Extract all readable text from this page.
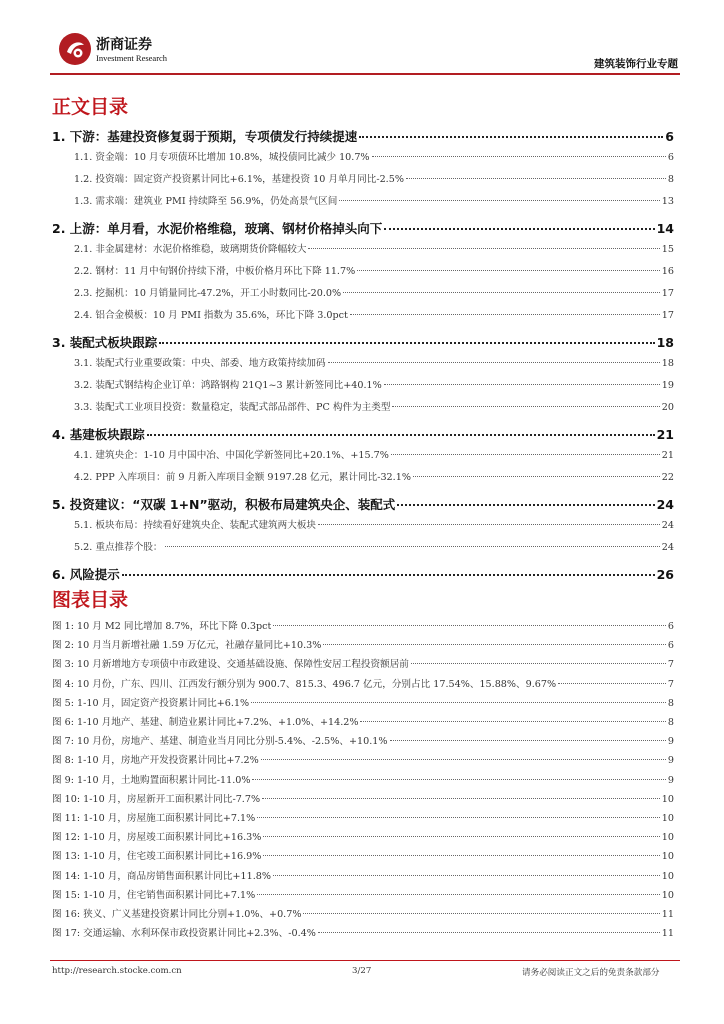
浙商证券
Investment Research	建筑装饰行业专题
正文目录
1. 下游：基建投资修复弱于预期，专项债发行持续提速	6
1.1. 资金端：10 月专项债环比增加 10.8%，城投债同比减少 10.7%	6
1.2. 投资端：固定资产投资累计同比+6.1%，基建投资 10 月单月同比-2.5%	8
1.3. 需求端：建筑业 PMI 持续降至 56.9%，仍处高景气区间	13
2. 上游：单月看，水泥价格维稳，玻璃、钢材价格掉头向下	14
2.1. 非金属建材：水泥价格维稳，玻璃期货价降幅较大	15
2.2. 钢材：11 月中旬钢价持续下滑，中板价格月环比下降 11.7%	16
2.3. 挖掘机：10 月销量同比-47.2%，开工小时数同比-20.0%	17
2.4. 铝合金模板：10 月 PMI 指数为 35.6%，环比下降 3.0pct	17
3. 装配式板块跟踪	18
3.1. 装配式行业重要政策：中央、部委、地方政策持续加码	18
3.2. 装配式钢结构企业订单：鸿路钢构 21Q1~3 累计新签同比+40.1%	19
3.3. 装配式工业项目投资：数量稳定，装配式部品部件、PC 构件为主类型	20
4. 基建板块跟踪	21
4.1. 建筑央企：1-10 月中国中冶、中国化学新签同比+20.1%、+15.7%	21
4.2. PPP 入库项目：前 9 月新入库项目金额 9197.28 亿元，累计同比-32.1%	22
5. 投资建议：“双碳 1+N”驱动，积极布局建筑央企、装配式	24
5.1. 板块布局：持续看好建筑央企、装配式建筑两大板块	24
5.2. 重点推荐个股：	24
6. 风险提示	26
图表目录
图 1: 10 月 M2 同比增加 8.7%，环比下降 0.3pct	6
图 2: 10 月当月新增社融 1.59 万亿元，社融存量同比+10.3%	6
图 3: 10 月新增地方专项债中市政建设、交通基础设施、保障性安居工程投资额居前	7
图 4: 10 月份，广东、四川、江西发行额分别为 900.7、815.3、496.7 亿元，分别占比 17.54%、15.88%、9.67%	7
图 5: 1-10 月，固定资产投资累计同比+6.1%	8
图 6: 1-10 月地产、基建、制造业累计同比+7.2%、+1.0%、+14.2%	8
图 7: 10 月份，房地产、基建、制造业当月同比分别-5.4%、-2.5%、+10.1%	9
图 8: 1-10 月，房地产开发投资累计同比+7.2%	9
图 9: 1-10 月，土地购置面积累计同比-11.0%	9
图 10: 1-10 月，房屋新开工面积累计同比-7.7%	10
图 11: 1-10 月，房屋施工面积累计同比+7.1%	10
图 12: 1-10 月，房屋竣工面积累计同比+16.3%	10
图 13: 1-10 月，住宅竣工面积累计同比+16.9%	10
图 14: 1-10 月，商品房销售面积累计同比+11.8%	10
图 15: 1-10 月，住宅销售面积累计同比+7.1%	10
图 16: 狭义、广义基建投资累计同比分别+1.0%、+0.7%	11
图 17: 交通运输、水利环保市政投资累计同比+2.3%、-0.4%	11
http://research.stocke.com.cn	3/27	请务必阅读正文之后的免责条款部分
